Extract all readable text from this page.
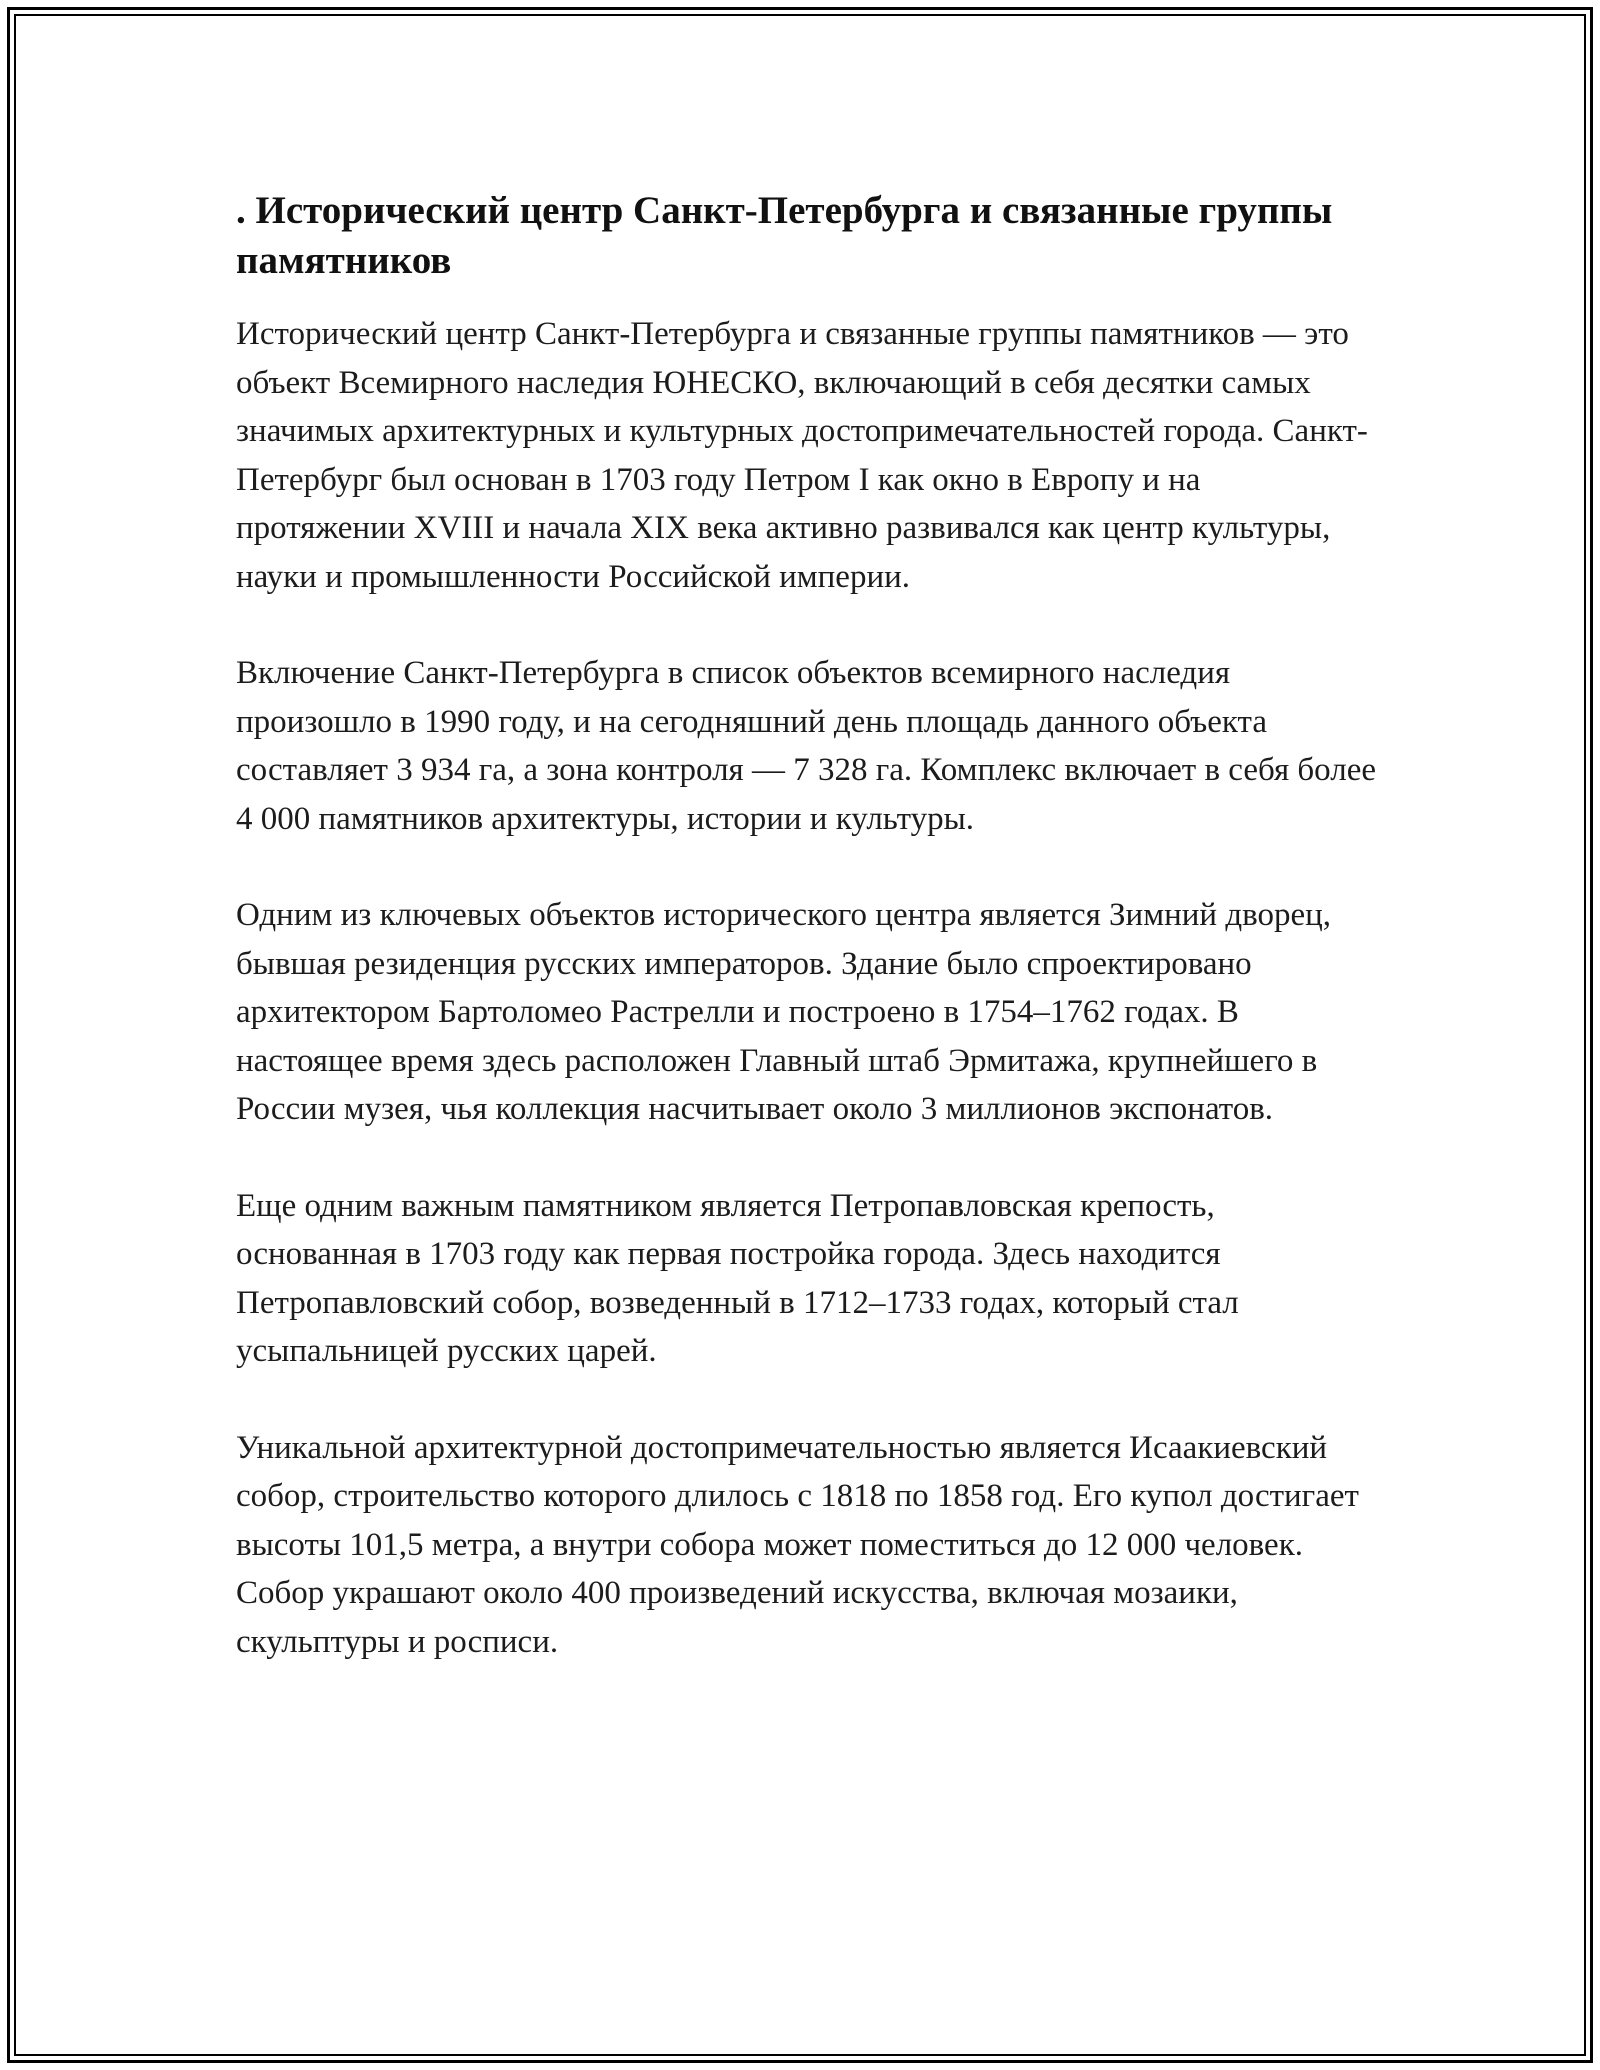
. Исторический центр Санкт-Петербурга и связанные группы памятников

Исторический центр Санкт-Петербурга и связанные группы памятников — это объект Всемирного наследия ЮНЕСКО, включающий в себя десятки самых значимых архитектурных и культурных достопримечательностей города. Санкт-Петербург был основан в 1703 году Петром I как окно в Европу и на протяжении XVIII и начала XIX века активно развивался как центр культуры, науки и промышленности Российской империи.

Включение Санкт-Петербурга в список объектов всемирного наследия произошло в 1990 году, и на сегодняшний день площадь данного объекта составляет 3 934 га, а зона контроля — 7 328 га. Комплекс включает в себя более 4 000 памятников архитектуры, истории и культуры.

Одним из ключевых объектов исторического центра является Зимний дворец, бывшая резиденция русских императоров. Здание было спроектировано архитектором Бартоломео Растрелли и построено в 1754–1762 годах. В настоящее время здесь расположен Главный штаб Эрмитажа, крупнейшего в России музея, чья коллекция насчитывает около 3 миллионов экспонатов.

Еще одним важным памятником является Петропавловская крепость, основанная в 1703 году как первая постройка города. Здесь находится Петропавловский собор, возведенный в 1712–1733 годах, который стал усыпальницей русских царей.

Уникальной архитектурной достопримечательностью является Исаакиевский собор, строительство которого длилось с 1818 по 1858 год. Его купол достигает высоты 101,5 метра, а внутри собора может поместиться до 12 000 человек. Собор украшают около 400 произведений искусства, включая мозаики, скульптуры и росписи.
